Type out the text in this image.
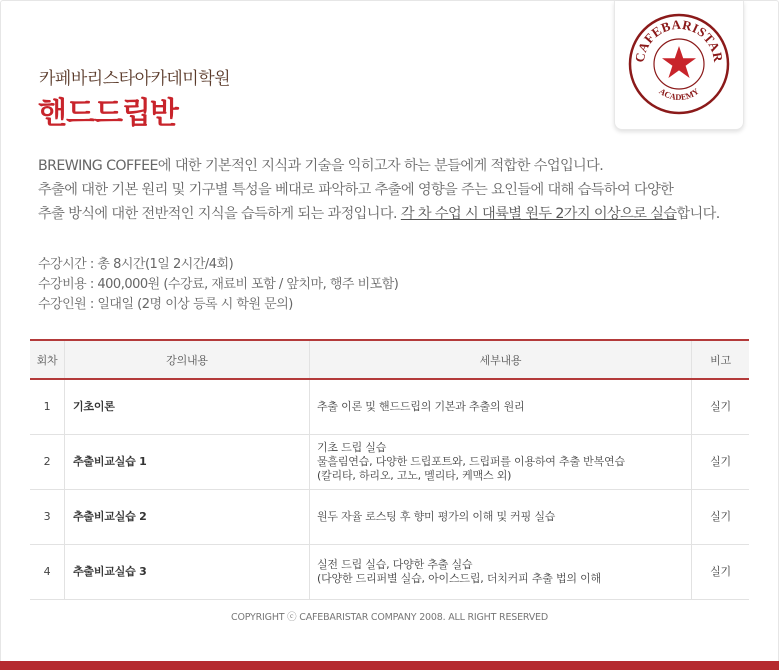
카페바리스타아카데미학원
핸드드립반
CAFEBARISTAR
ACADEMY

BREWING COFFEE에 대한 기본적인 지식과 기술을 익히고자 하는 분들에게 적합한 수업입니다.

추출에 대한 기본 원리 및 기구별 특성을 베대로 파악하고 추출에 영향을 주는 요인들에 대해 습득하여 다양한

추출 방식에 대한 전반적인 지식을 습득하게 되는 과정입니다. 각 차 수업 시 대륙별 원두 2가지 이상으로 실습합니다.

수강시간 : 총 8시간(1일 2시간/4회)

수강비용 : 400,000원 (수강료, 재료비 포함 / 앞치마, 행주 비포함)

수강인원 : 일대일 (2명 이상 등록 시 학원 문의)

회차	강의내용	세부내용	비고
1	기초이론	추출 이론 및 핸드드립의 기본과 추출의 원리	실기
2	추출비교실습 1	기초 드립 실습
물흘림연습, 다양한 드립포트와, 드립퍼를 이용하여 추출 반복연습
(칼리타, 하리오, 고노, 멜리타, 케맥스 외)	실기
3	추출비교실습 2	원두 자율 로스팅 후 향미 평가의 이해 및 커핑 실습	실기
4	추출비교실습 3	실전 드립 실습, 다양한 추출 실습
(다양한 드리퍼별 실습, 아이스드립, 더치커피 추출 법의 이해	실기
COPYRIGHT ⓒ CAFEBARISTAR COMPANY 2008. ALL RIGHT RESERVED
